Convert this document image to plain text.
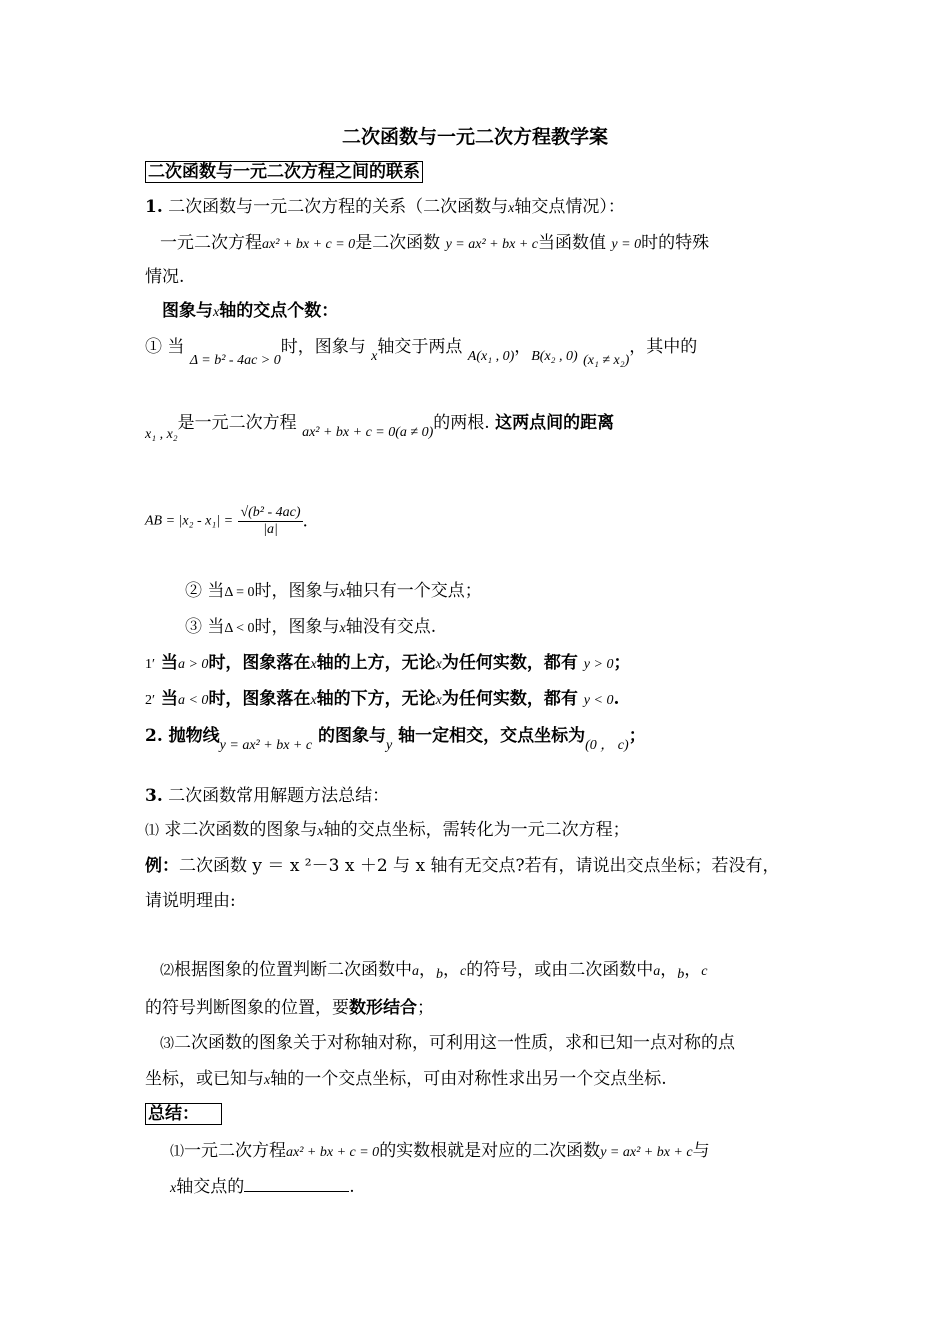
二次函数与一元二次方程教学案
二次函数与一元二次方程之间的联系
1. 二次函数与一元二次方程的关系（二次函数与x轴交点情况）：
一元二次方程ax² + bx + c = 0是二次函数 y = ax² + bx + c当函数值 y = 0时的特殊
情况.
图象与x轴的交点个数：
① 当 $_{\Delta = b^2 - 4ac > 0}$时，图象与 $_x$轴交于两点 $_{A(x_1 , 0)}$，$_{B(x_2 , 0)}$ $_{(x_1 \ne x_2)}$，其中的
$_{x_1 , x_2}$是一元二次方程 $_{ax^2 + bx + c = 0(a \ne 0)}$的两根. 这两点间的距离
AB = $|x_2 - x_1| = \frac{\text{√(b² - 4ac)}}{|a|}$ .
② 当Δ = 0时，图象与x轴只有一个交点；
③ 当Δ < 0时，图象与x轴没有交点.
1′ 当a > 0时，图象落在x轴的上方，无论x为任何实数，都有 y > 0；
2′ 当a < 0时，图象落在x轴的下方，无论x为任何实数，都有 y < 0.
2. 抛物线$_{y = ax^2 + bx + c}$ 的图象与$_y$ 轴一定相交，交点坐标为$_{(0 , c)}$；
3. 二次函数常用解题方法总结：
⑴ 求二次函数的图象与x轴的交点坐标，需转化为一元二次方程；
例：二次函数 y ＝ x ²－3 x ＋2 与 x 轴有无交点?若有，请说出交点坐标；若没有，
请说明理由:
⑵根据图象的位置判断二次函数中a，b，c的符号，或由二次函数中a，b，c
的符号判断图象的位置，要数形结合；
⑶二次函数的图象关于对称轴对称，可利用这一性质，求和已知一点对称的点
坐标，或已知与x轴的一个交点坐标，可由对称性求出另一个交点坐标.
总结：
⑴一元二次方程ax² + bx + c = 0的实数根就是对应的二次函数y = ax² + bx + c与
x轴交点的	.
